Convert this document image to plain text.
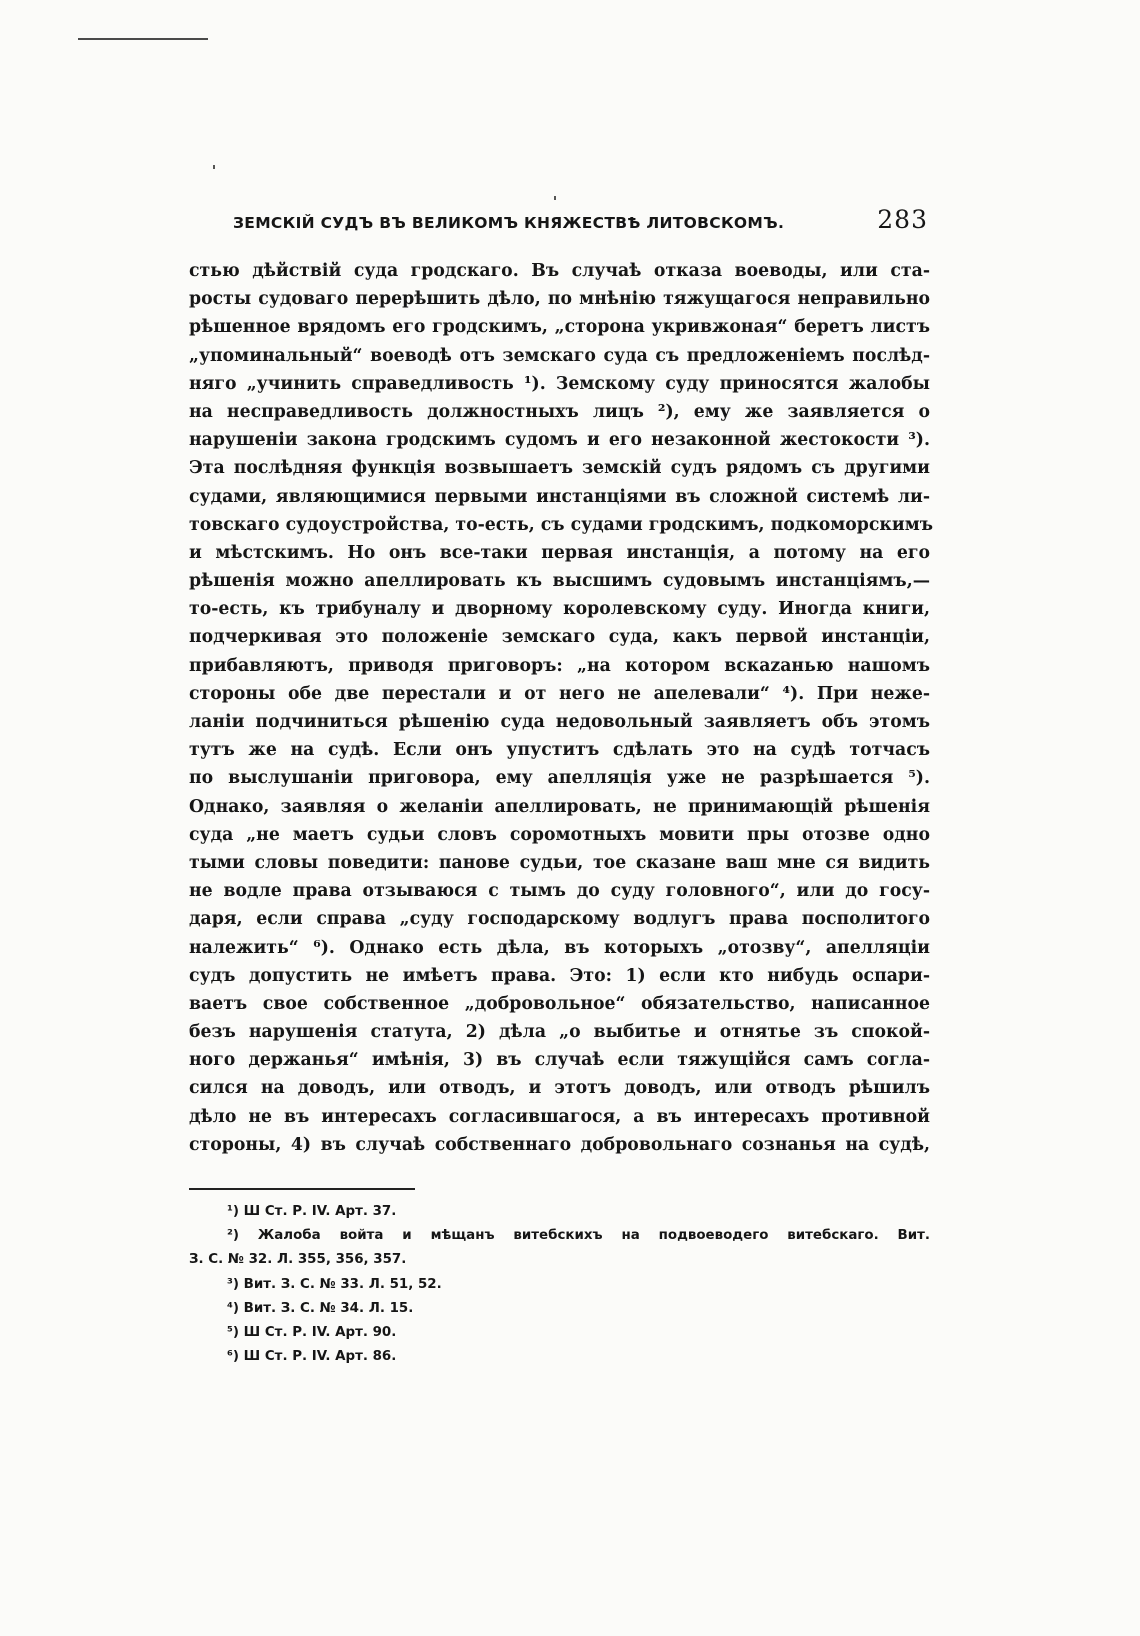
ЗЕМСКІЙ СУДЪ ВЪ ВЕЛИКОМЪ КНЯЖЕСТВѢ ЛИТОВСКОМЪ.	283
стью дѣйствій суда гродскаго. Въ случаѣ отказа воеводы, или ста-
росты судоваго перерѣшить дѣло, по мнѣнію тяжущагося неправильно
рѣшенное врядомъ его гродскимъ, „сторона укривжоная“ беретъ листъ
„упоминальный“ воеводѣ отъ земскаго суда съ предложеніемъ послѣд-
няго „учинить справедливость ¹). Земскому суду приносятся жалобы
на несправедливость должностныхъ лицъ ²), ему же заявляется о
нарушеніи закона гродскимъ судомъ и его незаконной жестокости ³).
Эта послѣдняя функція возвышаетъ земскій судъ рядомъ съ другими
судами, являющимися первыми инстанціями въ сложной системѣ ли-
товскаго судоустройства, то-есть, съ судами гродскимъ, подкоморскимъ
и мѣстскимъ. Но онъ все-таки первая инстанція, а потому на его
рѣшенія можно апеллировать къ высшимъ судовымъ инстанціямъ,—
то-есть, къ трибуналу и дворному королевскому суду. Иногда книги,
подчеркивая это положеніе земскаго суда, какъ первой инстанціи,
прибавляютъ, приводя приговоръ: „на котором вскazанью нашомъ
стороны обе две перестали и от него не апелевали“ ⁴). При неже-
ланіи подчиниться рѣшенію суда недовольный заявляетъ объ этомъ
тутъ же на судѣ. Если онъ упуститъ сдѣлать это на судѣ тотчасъ
по выслушаніи приговора, ему апелляція уже не разрѣшается ⁵).
Однако, заявляя о желаніи апеллировать, не принимающій рѣшенія
суда „не маетъ судьи словъ соромотныхъ мовити пры отозве одно
тыми словы поведити: панове судьи, тое сказане ваш мне ся видить
не водле права отзываюся с тымъ до суду головного“, или до госу-
даря, если справа „суду господарскому водлугъ права посполитого
належить“ ⁶). Однако есть дѣла, въ которыхъ „отозву“, апелляціи
судъ допустить не имѣетъ права. Это: 1) если кто нибудь оспари-
ваетъ свое собственное „добровольное“ обязательство, написанное
безъ нарушенія статута, 2) дѣла „о выбитье и отнятье зъ спокой-
ного держанья“ имѣнія, 3) въ случаѣ если тяжущійся самъ согла-
сился на доводъ, или отводъ, и этотъ доводъ, или отводъ рѣшилъ
дѣло не въ интересахъ согласившагося, а въ интересахъ противной
стороны, 4) въ случаѣ собственнаго добровольнаго сознанья на судѣ,
¹) Ш Ст. Р. IV. Арт. 37.
²) Жалоба войта и мѣщанъ витебскихъ на подвоеводего витебскаго. Вит.
З. С. № 32. Л. 355, 356, 357.
³) Вит. З. С. № 33. Л. 51, 52.
⁴) Вит. З. С. № 34. Л. 15.
⁵) Ш Ст. Р. IV. Арт. 90.
⁶) Ш Ст. Р. IV. Арт. 86.
